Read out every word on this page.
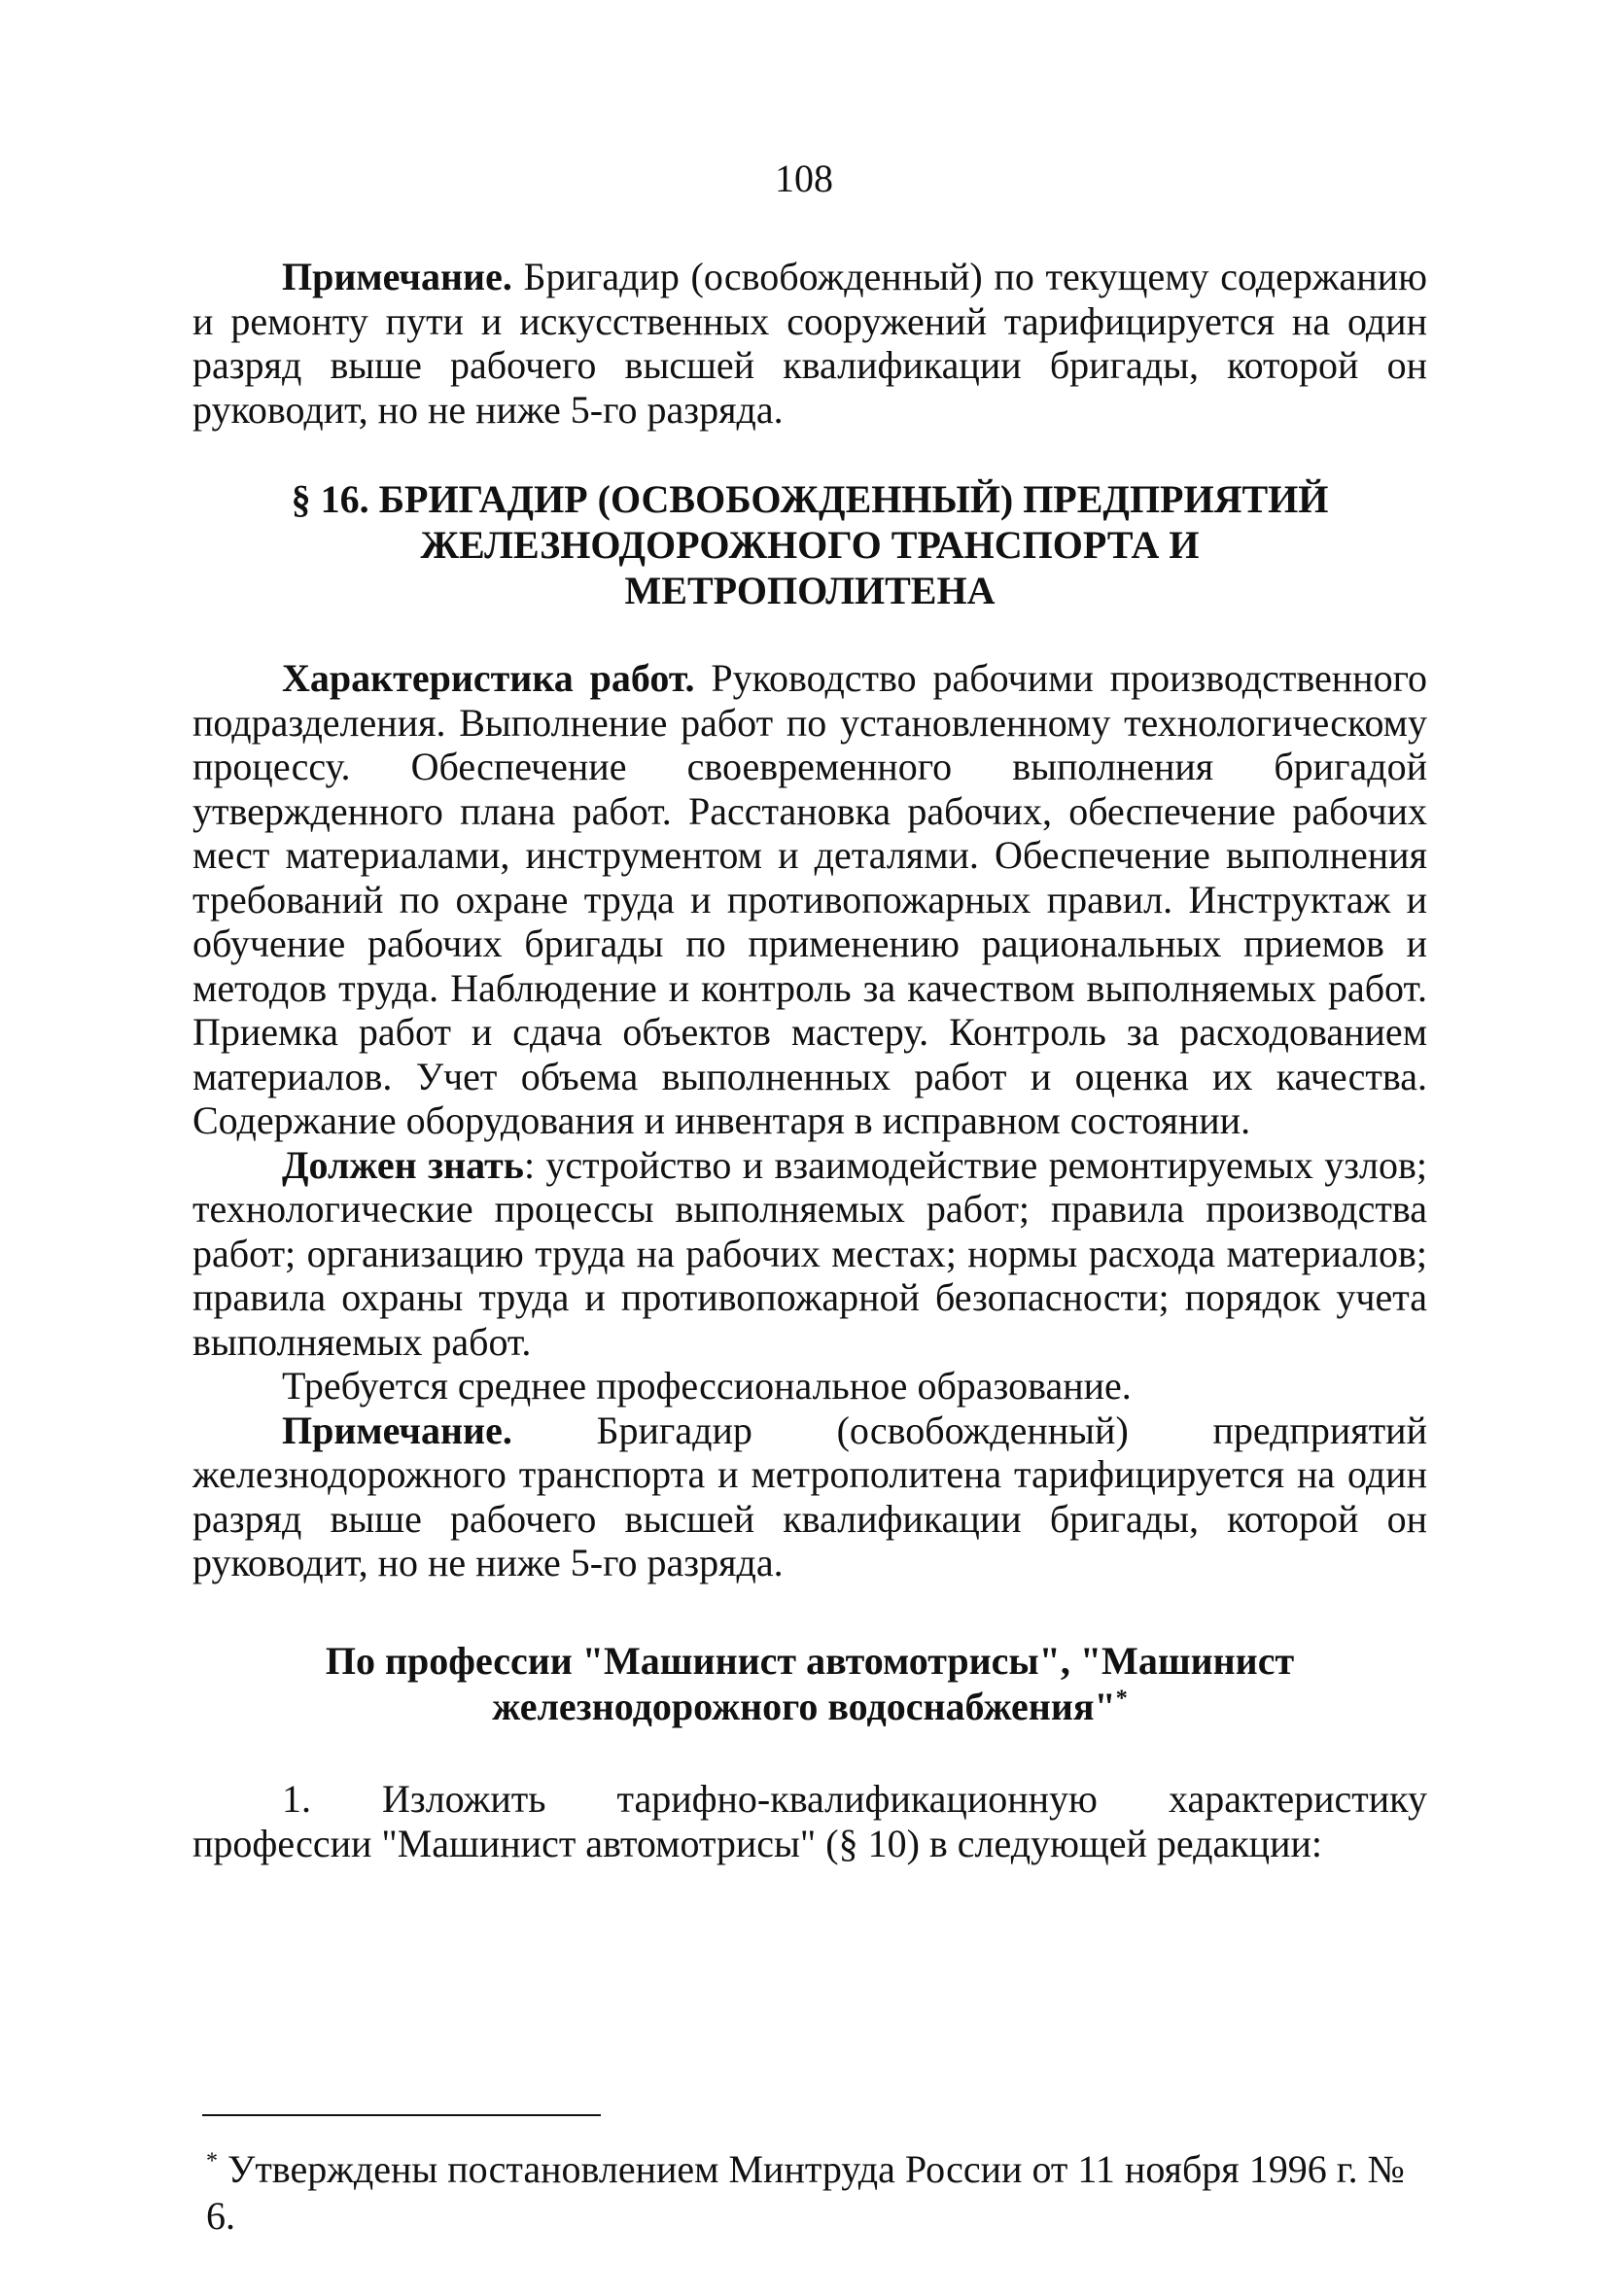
108

Примечание. Бригадир (освобожденный) по текущему содержанию и ремонту пути и искусственных сооружений тарифицируется на один разряд выше рабочего высшей квалификации бригады, которой он руководит, но не ниже 5-го разряда.

§ 16. БРИГАДИР (ОСВОБОЖДЕННЫЙ) ПРЕДПРИЯТИЙ
ЖЕЛЕЗНОДОРОЖНОГО ТРАНСПОРТА И
МЕТРОПОЛИТЕНА

Характеристика работ. Руководство рабочими производственного подразделения. Выполнение работ по установленному технологическому процессу. Обеспечение своевременного выполнения бригадой утвержденного плана работ. Расстановка рабочих, обеспечение рабочих мест материалами, инструментом и деталями. Обеспечение выполнения требований по охране труда и противопожарных правил. Инструктаж и обучение рабочих бригады по применению рациональных приемов и методов труда. Наблюдение и контроль за качеством выполняемых работ. Приемка работ и сдача объектов мастеру. Контроль за расходованием материалов. Учет объема выполненных работ и оценка их качества. Содержание оборудования и инвентаря в исправном состоянии.

Должен знать: устройство и взаимодействие ремонтируемых узлов; технологические процессы выполняемых работ; правила производства работ; организацию труда на рабочих местах; нормы расхода материалов; правила охраны труда и противопожарной безопасности; порядок учета выполняемых работ.

Требуется среднее профессиональное образование.

Примечание. Бригадир (освобожденный) предприятий железнодорожного транспорта и метрополитена тарифицируется на один разряд выше рабочего высшей квалификации бригады, которой он руководит, но не ниже 5-го разряда.

По профессии "Машинист автомотрисы", "Машинист
железнодорожного водоснабжения"*

1. Изложить тарифно-квалификационную характеристику профессии "Машинист автомотрисы" (§ 10) в следующей редакции:

* Утверждены постановлением Минтруда России от 11 ноября 1996 г. № 6.
